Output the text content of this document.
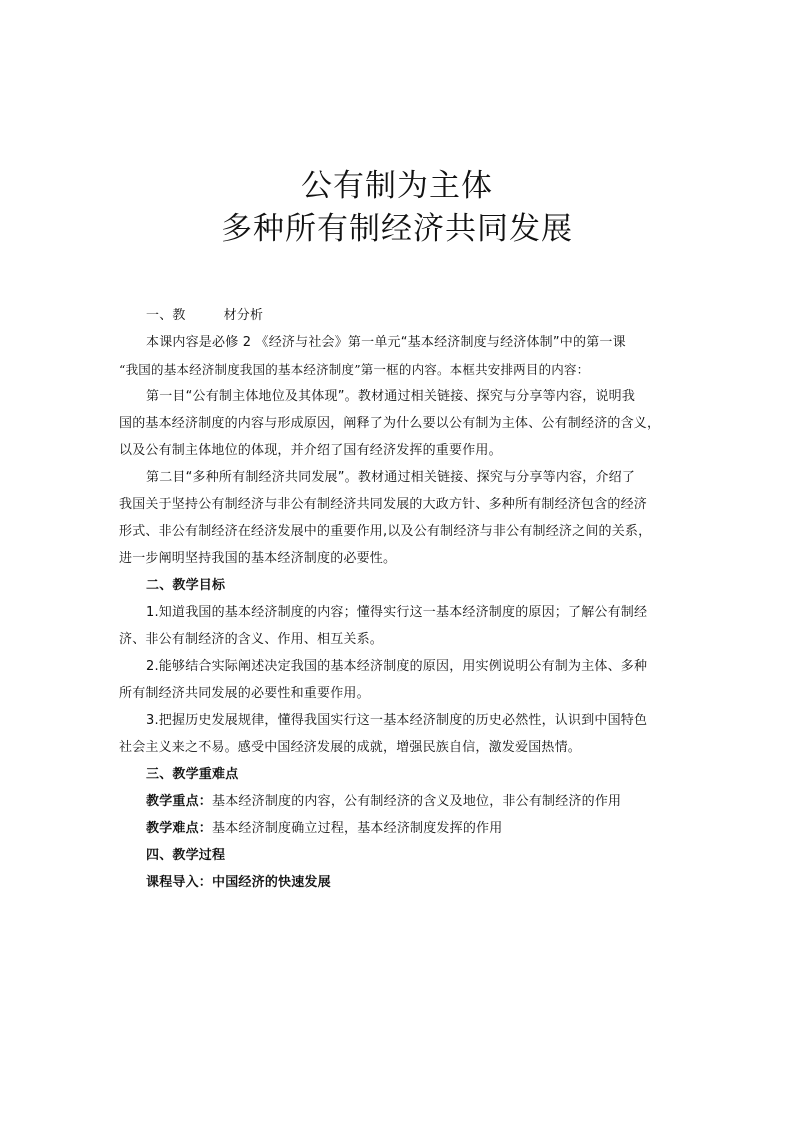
公有制为主体
多种所有制经济共同发展
一、教	材分析
本课内容是必修 2 《经济与社会》第一单元“基本经济制度与经济体制”中的第一课
“我国的基本经济制度我国的基本经济制度”第一框的内容。本框共安排两目的内容：
第一目“公有制主体地位及其体现”。教材通过相关链接、探究与分享等内容，说明我
国的基本经济制度的内容与形成原因，阐释了为什么要以公有制为主体、公有制经济的含义，
以及公有制主体地位的体现，并介绍了国有经济发挥的重要作用。
第二目“多种所有制经济共同发展”。教材通过相关链接、探究与分享等内容，介绍了
我国关于坚持公有制经济与非公有制经济共同发展的大政方针、多种所有制经济包含的经济
形式、非公有制经济在经济发展中的重要作用,以及公有制经济与非公有制经济之间的关系，
进一步阐明坚持我国的基本经济制度的必要性。
二、教学目标
1.知道我国的基本经济制度的内容；懂得实行这一基本经济制度的原因；了解公有制经
济、非公有制经济的含义、作用、相互关系。
2.能够结合实际阐述决定我国的基本经济制度的原因，用实例说明公有制为主体、多种
所有制经济共同发展的必要性和重要作用。
3.把握历史发展规律，懂得我国实行这一基本经济制度的历史必然性，认识到中国特色
社会主义来之不易。感受中国经济发展的成就，增强民族自信，激发爱国热情。
三、教学重难点
教学重点：基本经济制度的内容，公有制经济的含义及地位，非公有制经济的作用
教学难点：基本经济制度确立过程，基本经济制度发挥的作用
四、教学过程
课程导入：中国经济的快速发展
